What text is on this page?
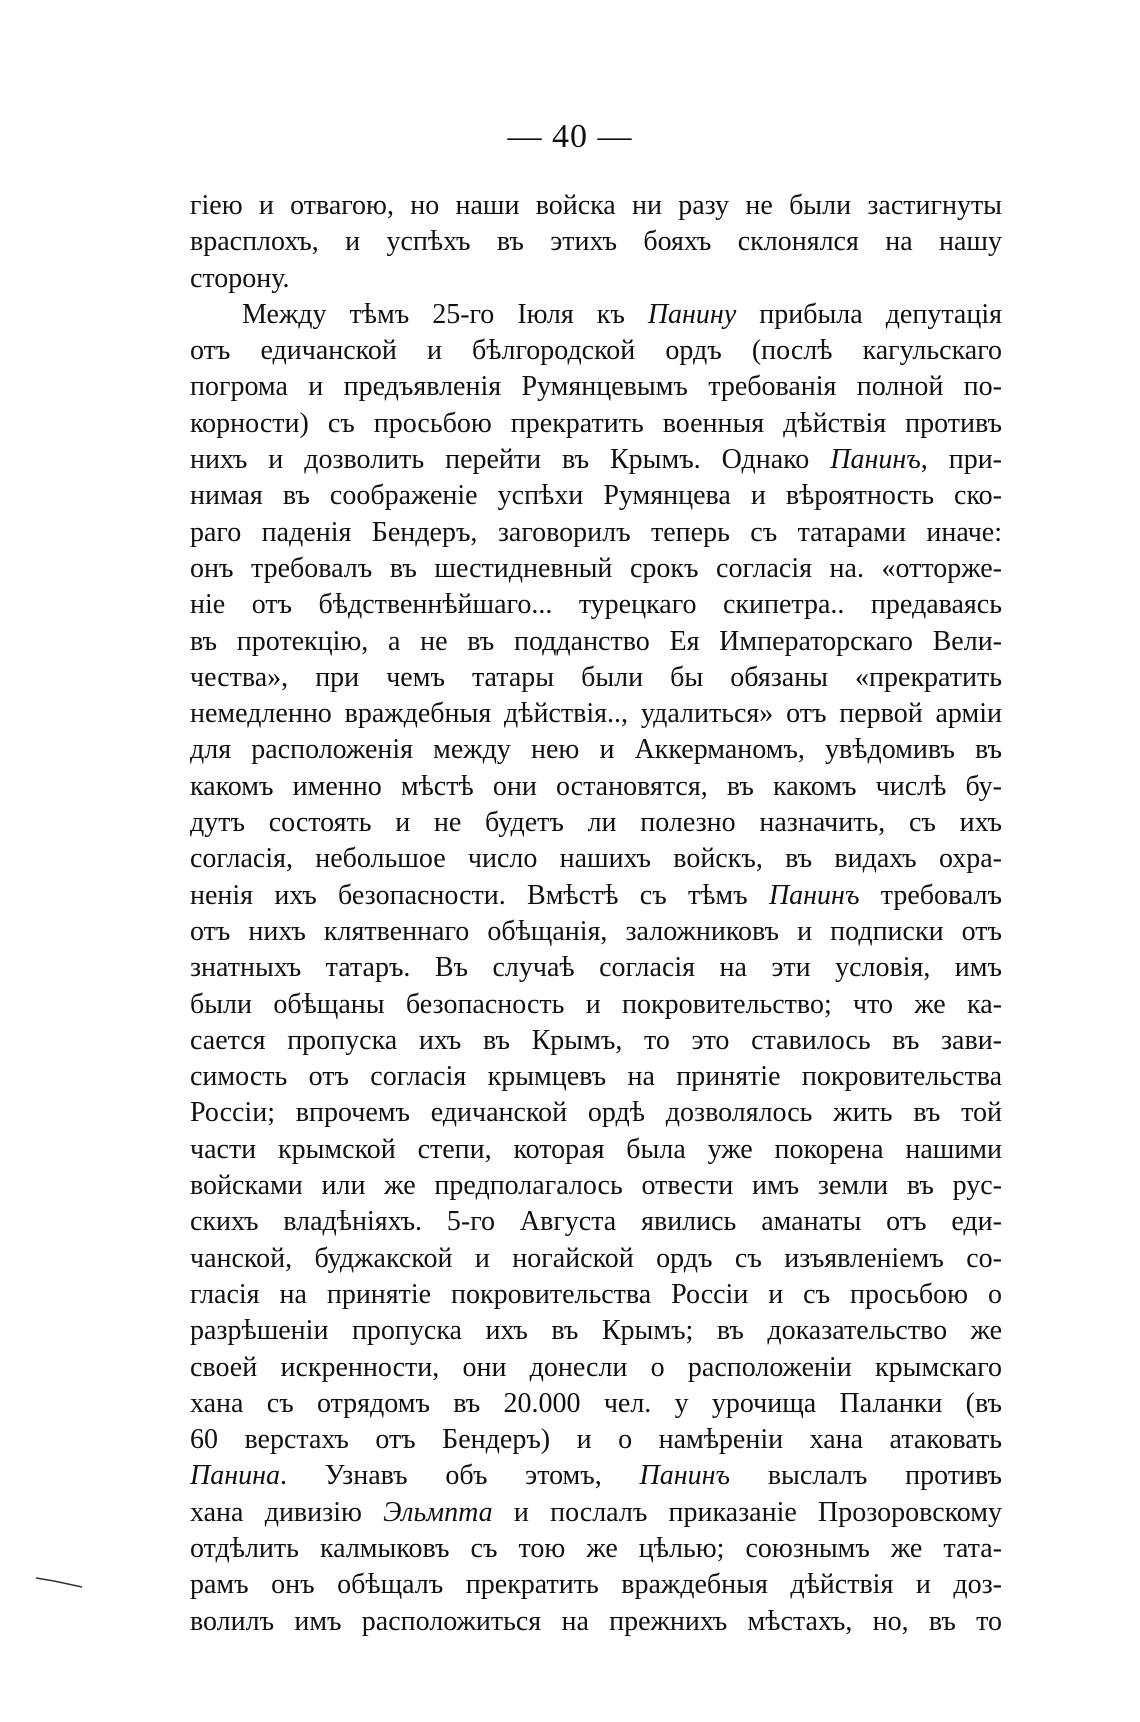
— 40 —
гіею и отвагою, но наши войска ни разу не были застигнуты
врасплохъ, и успѣхъ въ этихъ бояхъ склонялся на нашу
сторону.
Между тѣмъ 25-го Іюля къ Панину прибыла депутація
отъ едичанской и бѣлгородской ордъ (послѣ кагульскаго
погрома и предъявленія Румянцевымъ требованія полной по-
корности) съ просьбою прекратить военныя дѣйствія противъ
нихъ и дозволить перейти въ Крымъ. Однако Панинъ, при-
нимая въ соображеніе успѣхи Румянцева и вѣроятность ско-
раго паденія Бендеръ, заговорилъ теперь съ татарами иначе:
онъ требовалъ въ шестидневный срокъ согласія на. «отторже-
ніе отъ бѣдственнѣйшаго... турецкаго скипетра.. предаваясь
въ протекцію, а не въ подданство Ея Императорскаго Вели-
чества», при чемъ татары были бы обязаны «прекратить
немедленно враждебныя дѣйствія.., удалиться» отъ первой арміи
для расположенія между нею и Аккерманомъ, увѣдомивъ въ
какомъ именно мѣстѣ они остановятся, въ какомъ числѣ бу-
дутъ состоять и не будетъ ли полезно назначить, съ ихъ
согласія, небольшое число нашихъ войскъ, въ видахъ охра-
ненія ихъ безопасности. Вмѣстѣ съ тѣмъ Панинъ требовалъ
отъ нихъ клятвеннаго обѣщанія, заложниковъ и подписки отъ
знатныхъ татаръ. Въ случаѣ согласія на эти условія, имъ
были обѣщаны безопасность и покровительство; что же ка-
сается пропуска ихъ въ Крымъ, то это ставилось въ зави-
симость отъ согласія крымцевъ на принятіе покровительства
Россіи; впрочемъ едичанской ордѣ дозволялось жить въ той
части крымской степи, которая была уже покорена нашими
войсками или же предполагалось отвести имъ земли въ рус-
скихъ владѣніяхъ. 5-го Августа явились аманаты отъ еди-
чанской, буджакской и ногайской ордъ съ изъявленіемъ со-
гласія на принятіе покровительства Россіи и съ просьбою о
разрѣшеніи пропуска ихъ въ Крымъ; въ доказательство же
своей искренности, они донесли о расположеніи крымскаго
хана съ отрядомъ въ 20.000 чел. у урочища Паланки (въ
60 верстахъ отъ Бендеръ) и о намѣреніи хана атаковать
Панина. Узнавъ объ этомъ, Панинъ выслалъ противъ
хана дивизію Эльмпта и послалъ приказаніе Прозоровскому
отдѣлить калмыковъ съ тою же цѣлью; союзнымъ же тата-
рамъ онъ обѣщалъ прекратить враждебныя дѣйствія и доз-
волилъ имъ расположиться на прежнихъ мѣстахъ, но, въ то
